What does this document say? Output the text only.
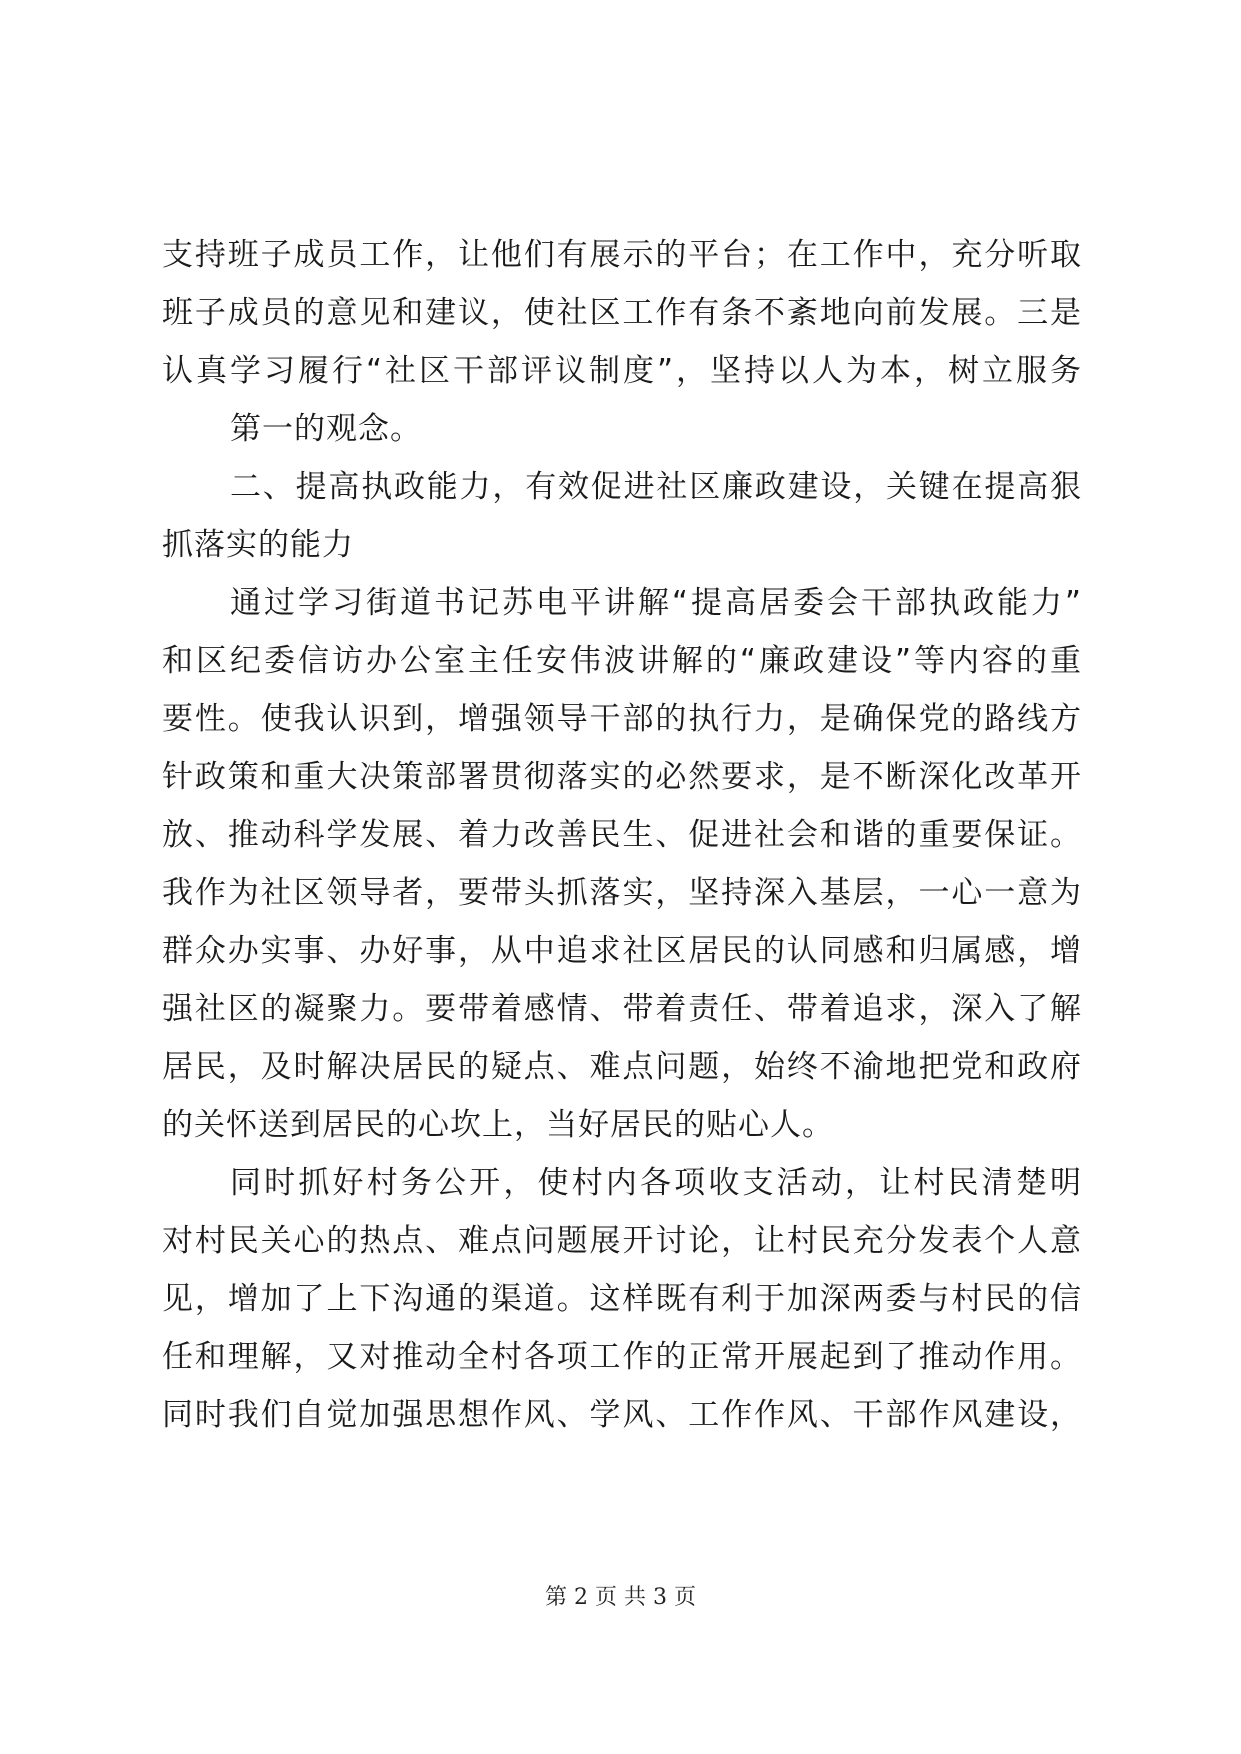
支持班子成员工作，让他们有展示的平台；在工作中，充分听取
班子成员的意见和建议，使社区工作有条不紊地向前发展。三是
认真学习履行“社区干部评议制度”，坚持以人为本，树立服务
第一的观念。
二、提高执政能力，有效促进社区廉政建设，关键在提高狠
抓落实的能力
通过学习街道书记苏电平讲解“提高居委会干部执政能力”
和区纪委信访办公室主任安伟波讲解的“廉政建设”等内容的重
要性。使我认识到，增强领导干部的执行力，是确保党的路线方
针政策和重大决策部署贯彻落实的必然要求，是不断深化改革开
放、推动科学发展、着力改善民生、促进社会和谐的重要保证。
我作为社区领导者，要带头抓落实，坚持深入基层，一心一意为
群众办实事、办好事，从中追求社区居民的认同感和归属感，增
强社区的凝聚力。要带着感情、带着责任、带着追求，深入了解
居民，及时解决居民的疑点、难点问题，始终不渝地把党和政府
的关怀送到居民的心坎上，当好居民的贴心人。
同时抓好村务公开，使村内各项收支活动，让村民清楚明
对村民关心的热点、难点问题展开讨论，让村民充分发表个人意
见，增加了上下沟通的渠道。这样既有利于加深两委与村民的信
任和理解，又对推动全村各项工作的正常开展起到了推动作用。
同时我们自觉加强思想作风、学风、工作作风、干部作风建设，
第 2 页 共 3 页
